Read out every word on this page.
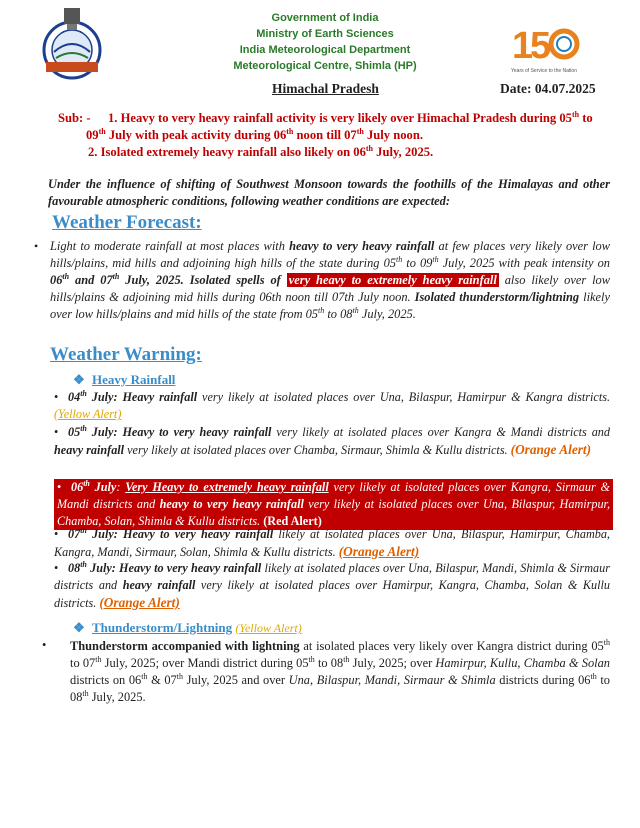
Government of India
Ministry of Earth Sciences
India Meteorological Department
Meteorological Centre, Shimla (HP)	1
5
Years of Service to the Nation
Himachal Pradesh	Date: 04.07.2025
Sub: - 1. Heavy to very heavy rainfall activity is very likely over Himachal Pradesh during 05th to
09th July with peak activity during 06th noon till 07th July noon.
2. Isolated extremely heavy rainfall also likely on 06th July, 2025.
Under the influence of shifting of Southwest Monsoon towards the foothills of the Himalayas and other favourable atmospheric conditions, following weather conditions are expected:
Weather Forecast:
• Light to moderate rainfall at most places with heavy to very heavy rainfall at few places very likely over low hills/plains, mid hills and adjoining high hills of the state during 05th to 09th July, 2025 with peak intensity on 06th and 07th July, 2025. Isolated spells of very heavy to extremely heavy rainfall also likely over low hills/plains & adjoining mid hills during 06th noon till 07th July noon. Isolated thunderstorm/lightning likely over low hills/plains and mid hills of the state from 05th to 08th July, 2025.
Weather Warning:
❖ Heavy Rainfall
• 04th July: Heavy rainfall very likely at isolated places over Una, Bilaspur, Hamirpur & Kangra districts. (Yellow Alert)
• 05th July: Heavy to very heavy rainfall very likely at isolated places over Kangra & Mandi districts and heavy rainfall very likely at isolated places over Chamba, Sirmaur, Shimla & Kullu districts. (Orange Alert)
• 06th July: Very Heavy to extremely heavy rainfall very likely at isolated places over Kangra, Sirmaur & Mandi districts and heavy to very heavy rainfall very likely at isolated places over Una, Bilaspur, Hamirpur, Chamba, Solan, Shimla & Kullu districts. (Red Alert)
• 07th July: Heavy to very heavy rainfall likely at isolated places over Una, Bilaspur, Hamirpur, Chamba, Kangra, Mandi, Sirmaur, Solan, Shimla & Kullu districts. (Orange Alert)
• 08th July: Heavy to very heavy rainfall likely at isolated places over Una, Bilaspur, Mandi, Shimla & Sirmaur districts and heavy rainfall very likely at isolated places over Hamirpur, Kangra, Chamba, Solan & Kullu districts. (Orange Alert)
❖ Thunderstorm/Lightning (Yellow Alert)
• Thunderstorm accompanied with lightning at isolated places very likely over Kangra district during 05th to 07th July, 2025; over Mandi district during 05th to 08th July, 2025; over Hamirpur, Kullu, Chamba & Solan districts on 06th & 07th July, 2025 and over Una, Bilaspur, Mandi, Sirmaur & Shimla districts during 06th to 08th July, 2025.
